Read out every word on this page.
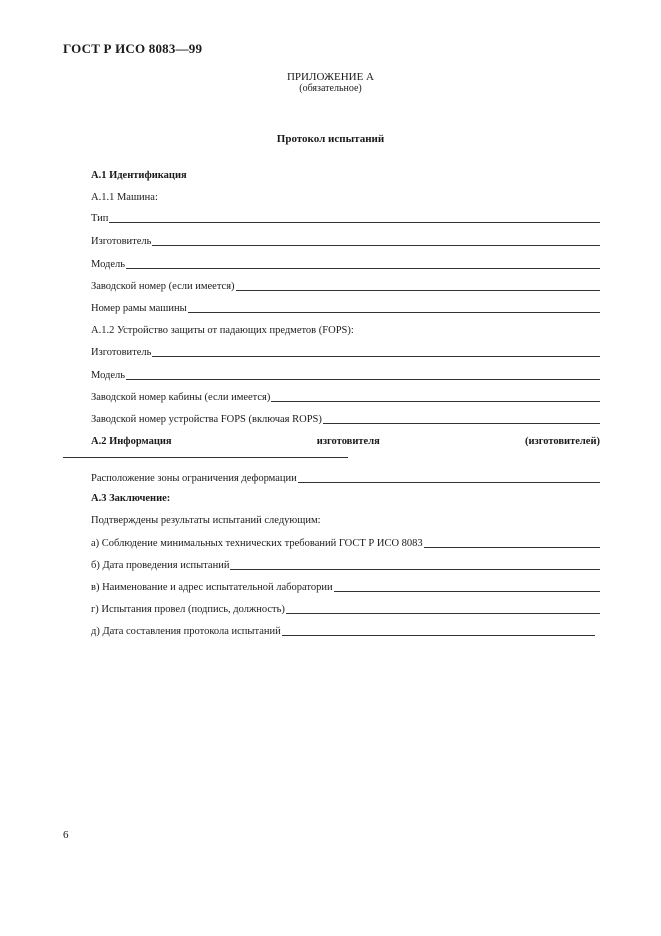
ГОСТ Р ИСО 8083—99
ПРИЛОЖЕНИЕ А
(обязательное)
Протокол испытаний
А.1 Идентификация
А.1.1 Машина:
Тип
Изготовитель
Модель
Заводской номер (если имеется)
Номер рамы машины
А.1.2 Устройство защиты от падающих предметов (FOPS):
Изготовитель
Модель
Заводской номер кабины (если имеется)
Заводской номер устройства FOPS (включая ROPS)
А.2 Информация	изготовителя	(изготовителей)
Расположение зоны ограничения деформации
А.3 Заключение:
Подтверждены результаты испытаний следующим:
а) Соблюдение минимальных технических требований ГОСТ Р ИСО 8083
б) Дата проведения испытаний
в) Наименование и адрес испытательной лаборатории
г) Испытания провел (подпись, должность)
д) Дата составления протокола испытаний
6
